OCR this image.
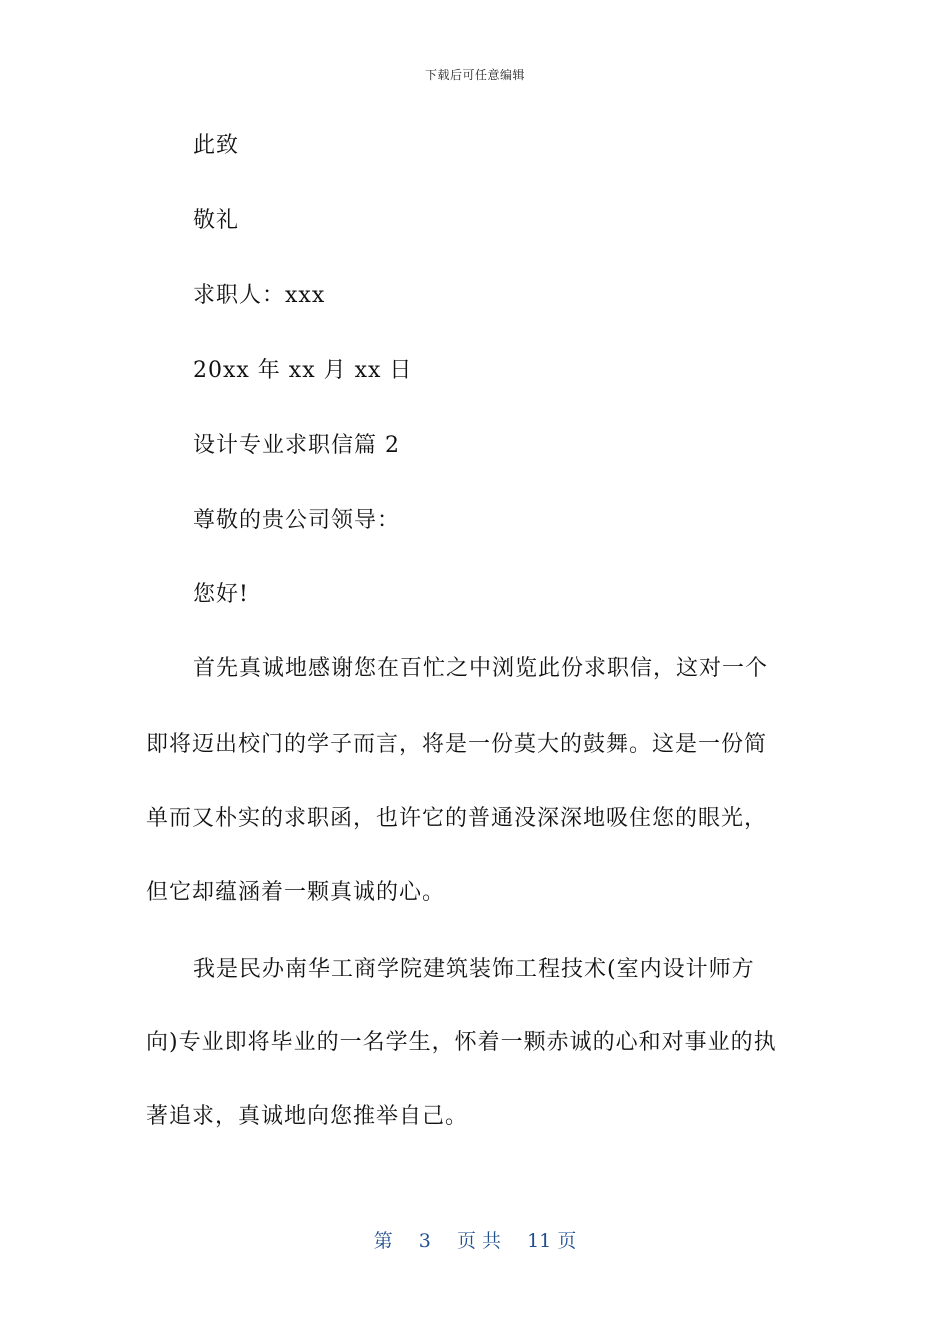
下载后可任意编辑
此致
敬礼
求职人：xxx
20xx 年 xx 月 xx 日
设计专业求职信篇 2
尊敬的贵公司领导：
您好!
首先真诚地感谢您在百忙之中浏览此份求职信，这对一个
即将迈出校门的学子而言，将是一份莫大的鼓舞。这是一份简
单而又朴实的求职函，也许它的普通没深深地吸住您的眼光，
但它却蕴涵着一颗真诚的心。
我是民办南华工商学院建筑装饰工程技术(室内设计师方
向)专业即将毕业的一名学生，怀着一颗赤诚的心和对事业的执
著追求，真诚地向您推举自己。
第 3 页 共 11 页
